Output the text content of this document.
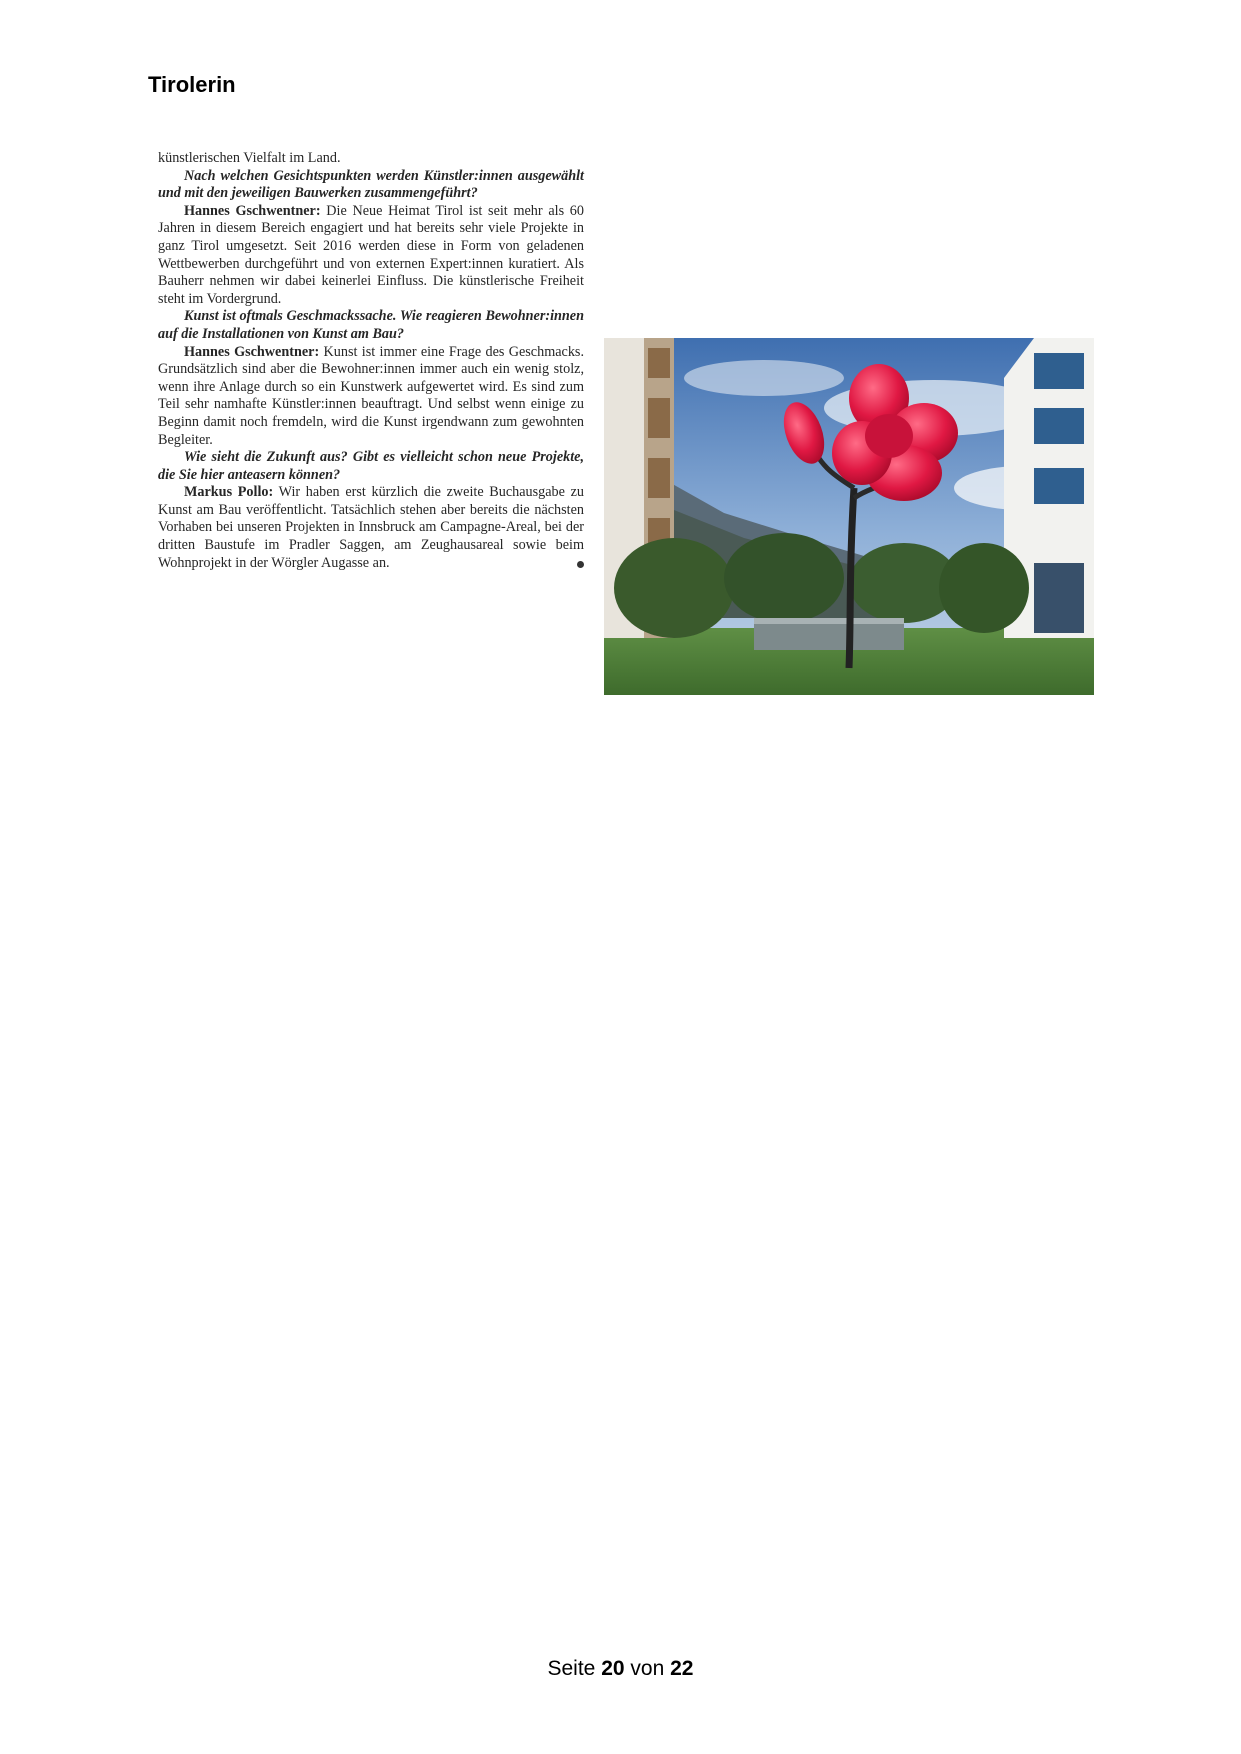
Tirolerin

künstlerischen Vielfalt im Land.

Nach welchen Gesichtspunkten werden Künstler:innen ausgewählt und mit den jeweiligen Bauwerken zusammengeführt?

Hannes Gschwentner: Die Neue Heimat Tirol ist seit mehr als 60 Jahren in diesem Bereich engagiert und hat bereits sehr viele Projekte in ganz Tirol umgesetzt. Seit 2016 werden diese in Form von geladenen Wettbewerben durchgeführt und von externen Expert:innen kuratiert. Als Bauherr nehmen wir dabei keinerlei Einfluss. Die künstlerische Freiheit steht im Vordergrund.

Kunst ist oftmals Geschmackssache. Wie reagieren Bewohner:innen auf die Installationen von Kunst am Bau?

Hannes Gschwentner: Kunst ist immer eine Frage des Geschmacks. Grundsätzlich sind aber die Bewohner:innen immer auch ein wenig stolz, wenn ihre Anlage durch so ein Kunstwerk aufgewertet wird. Es sind zum Teil sehr namhafte Künstler:innen beauftragt. Und selbst wenn einige zu Beginn damit noch fremdeln, wird die Kunst irgendwann zum gewohnten Begleiter.

Wie sieht die Zukunft aus? Gibt es vielleicht schon neue Projekte, die Sie hier anteasern können?

Markus Pollo: Wir haben erst kürzlich die zweite Buchausgabe zu Kunst am Bau veröffentlicht. Tatsächlich stehen aber bereits die nächsten Vorhaben bei unseren Projekten in Innsbruck am Campagne-Areal, bei der dritten Baustufe im Pradler Saggen, am Zeughausareal sowie beim Wohnprojekt in der Wörgler Augasse an.

Seite 20 von 22
